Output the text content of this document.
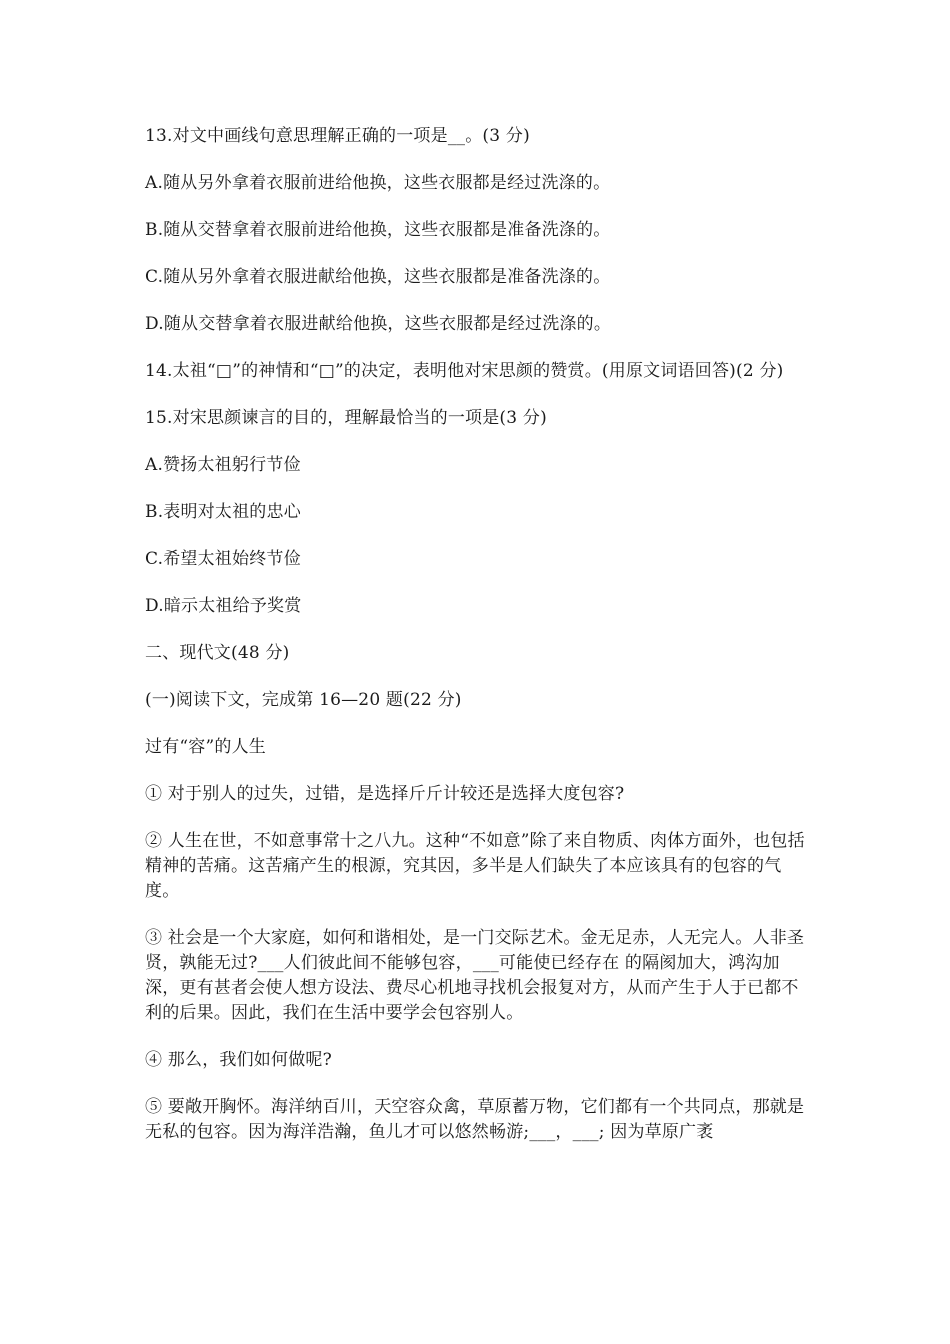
13.对文中画线句意思理解正确的一项是__。(3 分)

A.随从另外拿着衣服前进给他换，这些衣服都是经过洗涤的。

B.随从交替拿着衣服前进给他换，这些衣服都是准备洗涤的。

C.随从另外拿着衣服进献给他换，这些衣服都是准备洗涤的。

D.随从交替拿着衣服进献给他换，这些衣服都是经过洗涤的。

14.太祖“□”的神情和“□”的决定，表明他对宋思颜的赞赏。(用原文词语回答)(2 分)

15.对宋思颜谏言的目的，理解最恰当的一项是(3 分)

A.赞扬太祖躬行节俭

B.表明对太祖的忠心

C.希望太祖始终节俭

D.暗示太祖给予奖赏

二、现代文(48 分)

(一)阅读下文，完成第 16—20 题(22 分)

过有“容”的人生

① 对于别人的过失，过错，是选择斤斤计较还是选择大度包容?

② 人生在世，不如意事常十之八九。这种“不如意”除了来自物质、肉体方面外，也包括精神的苦痛。这苦痛产生的根源，究其因，多半是人们缺失了本应该具有的包容的气度。

③ 社会是一个大家庭，如何和谐相处，是一门交际艺术。金无足赤，人无完人。人非圣贤，孰能无过?___人们彼此间不能够包容，___可能使已经存在 的隔阂加大，鸿沟加深，更有甚者会使人想方设法、费尽心机地寻找机会报复对方，从而产生于人于已都不利的后果。因此，我们在生活中要学会包容别人。

④ 那么，我们如何做呢?

⑤ 要敞开胸怀。海洋纳百川，天空容众禽，草原蓄万物，它们都有一个共同点，那就是无私的包容。因为海洋浩瀚，鱼儿才可以悠然畅游;___，___; 因为草原广袤
